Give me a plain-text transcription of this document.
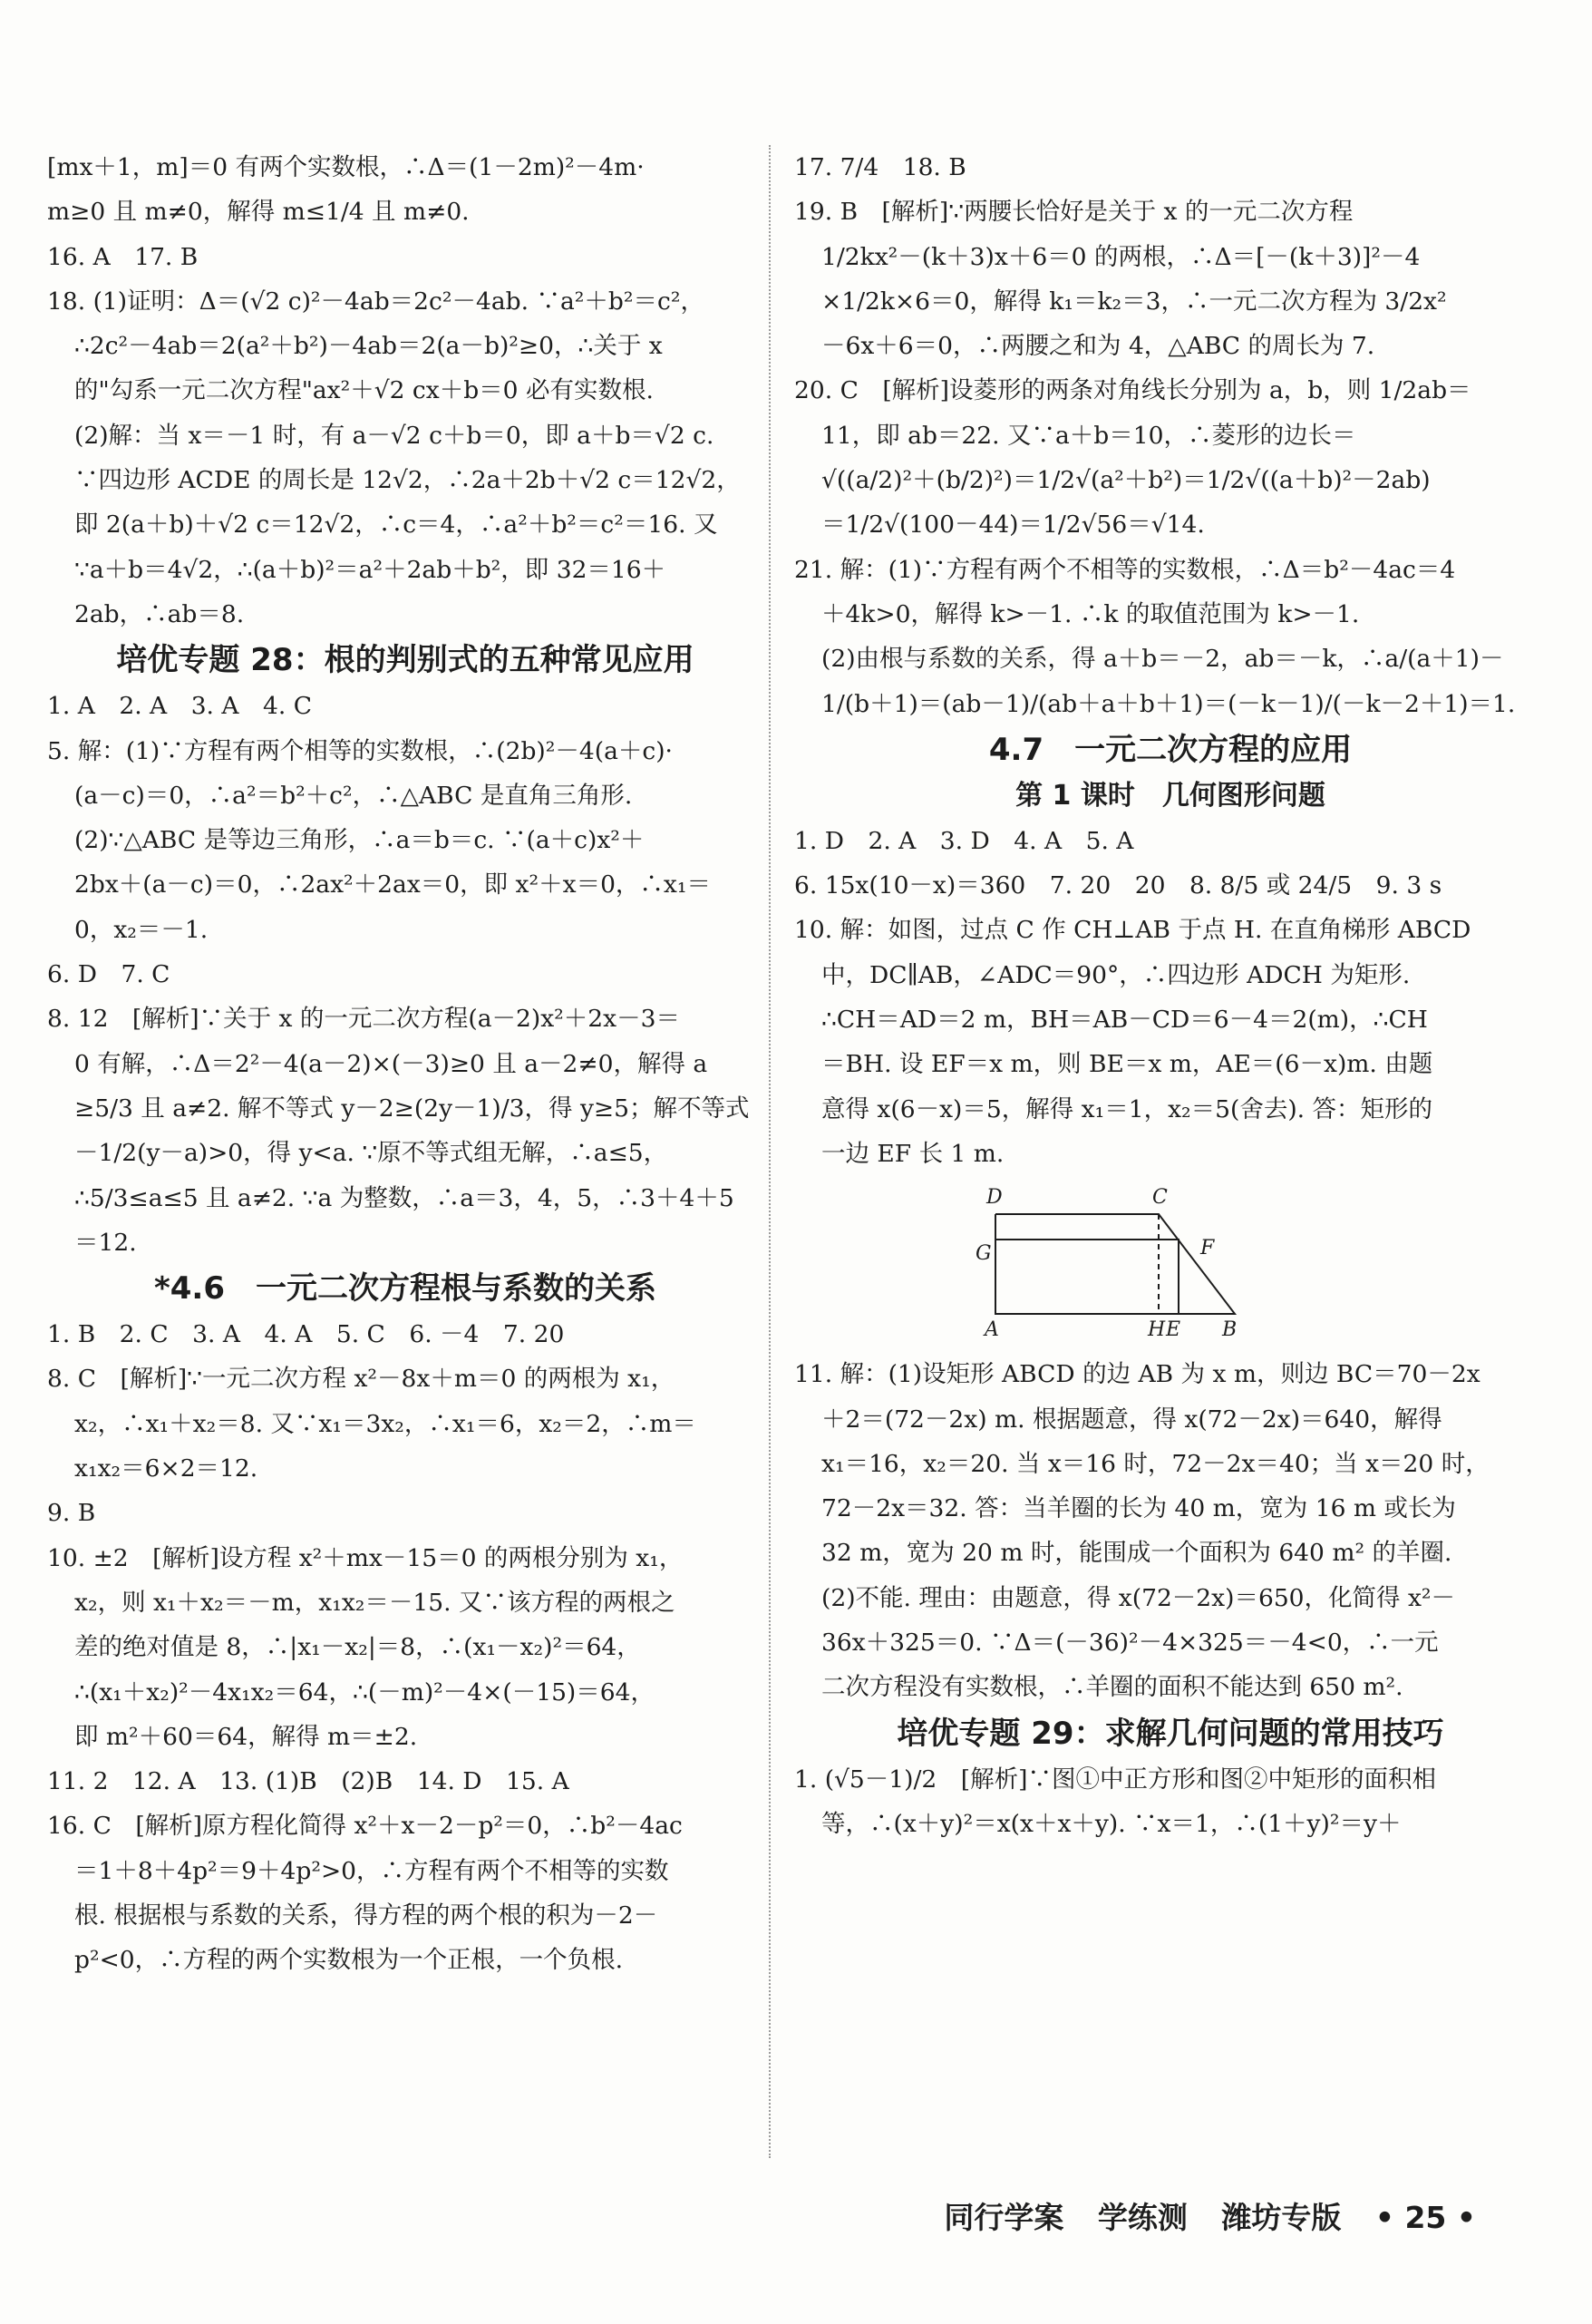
[mx＋1，m]＝0 有两个实数根，∴Δ＝(1－2m)²－4m·
m≥0 且 m≠0，解得 m≤1/4 且 m≠0.
16. A　17. B
18. (1)证明：Δ＝(√2 c)²－4ab＝2c²－4ab. ∵a²＋b²＝c²，
∴2c²－4ab＝2(a²＋b²)－4ab＝2(a－b)²≥0，∴关于 x
的"勾系一元二次方程"ax²＋√2 cx＋b＝0 必有实数根.
(2)解：当 x＝－1 时，有 a－√2 c＋b＝0，即 a＋b＝√2 c.
∵四边形 ACDE 的周长是 12√2，∴2a＋2b＋√2 c＝12√2，
即 2(a＋b)＋√2 c＝12√2，∴c＝4，∴a²＋b²＝c²＝16. 又
∵a＋b＝4√2，∴(a＋b)²＝a²＋2ab＋b²，即 32＝16＋
2ab，∴ab＝8.
培优专题 28：根的判别式的五种常见应用
1. A　2. A　3. A　4. C
5. 解：(1)∵方程有两个相等的实数根，∴(2b)²－4(a＋c)·
(a－c)＝0，∴a²＝b²＋c²，∴△ABC 是直角三角形.
(2)∵△ABC 是等边三角形，∴a＝b＝c. ∵(a＋c)x²＋
2bx＋(a－c)＝0，∴2ax²＋2ax＝0，即 x²＋x＝0，∴x₁＝
0，x₂＝－1.
6. D　7. C
8. 12　[解析]∵关于 x 的一元二次方程(a－2)x²＋2x－3＝
0 有解，∴Δ＝2²－4(a－2)×(－3)≥0 且 a－2≠0，解得 a
≥5/3 且 a≠2. 解不等式 y－2≥(2y－1)/3，得 y≥5；解不等式
－1/2(y－a)>0，得 y<a. ∵原不等式组无解，∴a≤5，
∴5/3≤a≤5 且 a≠2. ∵a 为整数，∴a＝3，4，5，∴3＋4＋5
＝12.
*4.6　一元二次方程根与系数的关系
1. B　2. C　3. A　4. A　5. C　6. －4　7. 20
8. C　[解析]∵一元二次方程 x²－8x＋m＝0 的两根为 x₁，
x₂，∴x₁＋x₂＝8. 又∵x₁＝3x₂，∴x₁＝6，x₂＝2，∴m＝
x₁x₂＝6×2＝12.
9. B
10. ±2　[解析]设方程 x²＋mx－15＝0 的两根分别为 x₁，
x₂，则 x₁＋x₂＝－m，x₁x₂＝－15. 又∵该方程的两根之
差的绝对值是 8，∴|x₁－x₂|＝8，∴(x₁－x₂)²＝64，
∴(x₁＋x₂)²－4x₁x₂＝64，∴(－m)²－4×(－15)＝64，
即 m²＋60＝64，解得 m＝±2.
11. 2　12. A　13. (1)B　(2)B　14. D　15. A
16. C　[解析]原方程化简得 x²＋x－2－p²＝0，∴b²－4ac
＝1＋8＋4p²＝9＋4p²>0，∴方程有两个不相等的实数
根. 根据根与系数的关系，得方程的两个根的积为－2－
p²<0，∴方程的两个实数根为一个正根，一个负根.
17. 7/4　18. B
19. B　[解析]∵两腰长恰好是关于 x 的一元二次方程
1/2kx²－(k＋3)x＋6＝0 的两根，∴Δ＝[－(k＋3)]²－4
×1/2k×6＝0，解得 k₁＝k₂＝3，∴一元二次方程为 3/2x²
－6x＋6＝0，∴两腰之和为 4，△ABC 的周长为 7.
20. C　[解析]设菱形的两条对角线长分别为 a，b，则 1/2ab＝
11，即 ab＝22. 又∵a＋b＝10，∴菱形的边长＝
√((a/2)²＋(b/2)²)＝1/2√(a²＋b²)＝1/2√((a＋b)²－2ab)
＝1/2√(100－44)＝1/2√56＝√14.
21. 解：(1)∵方程有两个不相等的实数根，∴Δ＝b²－4ac＝4
＋4k>0，解得 k>－1. ∴k 的取值范围为 k>－1.
(2)由根与系数的关系，得 a＋b＝－2，ab＝－k，∴a/(a＋1)－
1/(b＋1)＝(ab－1)/(ab＋a＋b＋1)＝(－k－1)/(－k－2＋1)＝1.
4.7　一元二次方程的应用
第 1 课时　几何图形问题
1. D　2. A　3. D　4. A　5. A
6. 15x(10－x)＝360　7. 20　20　8. 8/5 或 24/5　9. 3 s
10. 解：如图，过点 C 作 CH⊥AB 于点 H. 在直角梯形 ABCD
中，DC∥AB，∠ADC＝90°，∴四边形 ADCH 为矩形.
∴CH＝AD＝2 m，BH＝AB－CD＝6－4＝2(m)，∴CH
＝BH. 设 EF＝x m，则 BE＝x m，AE＝(6－x)m. 由题
意得 x(6－x)＝5，解得 x₁＝1，x₂＝5(舍去). 答：矩形的
一边 EF 长 1 m.
D	C
G	F
A	H E B
11. 解：(1)设矩形 ABCD 的边 AB 为 x m，则边 BC＝70－2x
＋2＝(72－2x) m. 根据题意，得 x(72－2x)＝640，解得
x₁＝16，x₂＝20. 当 x＝16 时，72－2x＝40；当 x＝20 时，
72－2x＝32. 答：当羊圈的长为 40 m，宽为 16 m 或长为
32 m，宽为 20 m 时，能围成一个面积为 640 m² 的羊圈.
(2)不能. 理由：由题意，得 x(72－2x)＝650，化简得 x²－
36x＋325＝0. ∵Δ＝(－36)²－4×325＝－4<0，∴一元
二次方程没有实数根，∴羊圈的面积不能达到 650 m².
培优专题 29：求解几何问题的常用技巧
1. (√5－1)/2　[解析]∵图①中正方形和图②中矩形的面积相
等，∴(x＋y)²＝x(x＋x＋y). ∵x＝1，∴(1＋y)²＝y＋
同行学案 学练测 潍坊专版 • 25 •
